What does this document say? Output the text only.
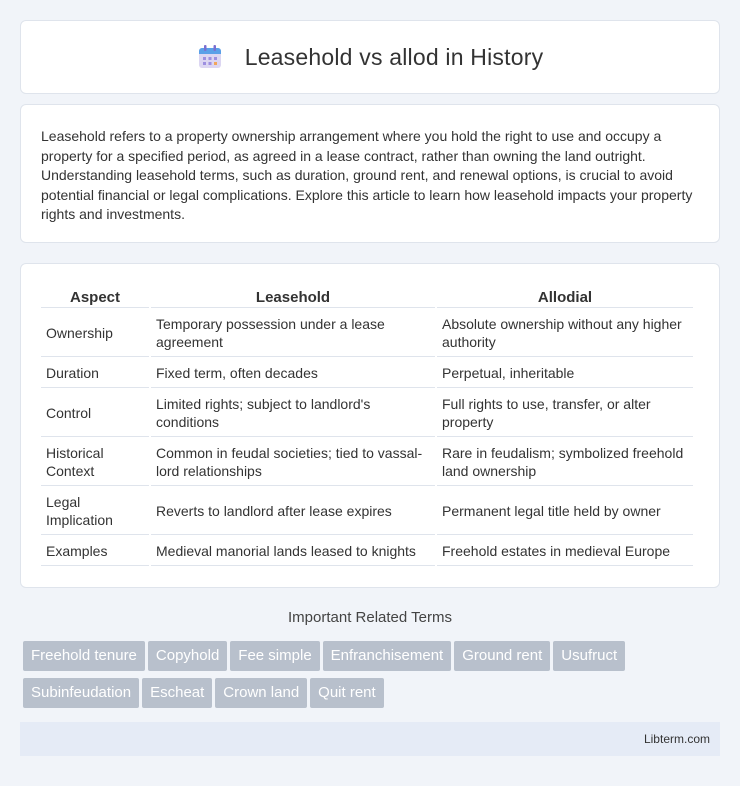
Leasehold vs allod in History

Leasehold refers to a property ownership arrangement where you hold the right to use and occupy a property for a specified period, as agreed in a lease contract, rather than owning the land outright. Understanding leasehold terms, such as duration, ground rent, and renewal options, is crucial to avoid potential financial or legal complications. Explore this article to learn how leasehold impacts your property rights and investments.

Aspect	Leasehold	Allodial
Ownership	Temporary possession under a lease agreement	Absolute ownership without any higher authority
Duration	Fixed term, often decades	Perpetual, inheritable
Control	Limited rights; subject to landlord's conditions	Full rights to use, transfer, or alter property
Historical Context	Common in feudal societies; tied to vassal-lord relationships	Rare in feudalism; symbolized freehold land ownership
Legal Implication	Reverts to landlord after lease expires	Permanent legal title held by owner
Examples	Medieval manorial lands leased to knights	Freehold estates in medieval Europe
Important Related Terms
Freehold tenure Copyhold Fee simple Enfranchisement Ground rent Usufruct
Subinfeudation Escheat Crown land Quit rent
Libterm.com
